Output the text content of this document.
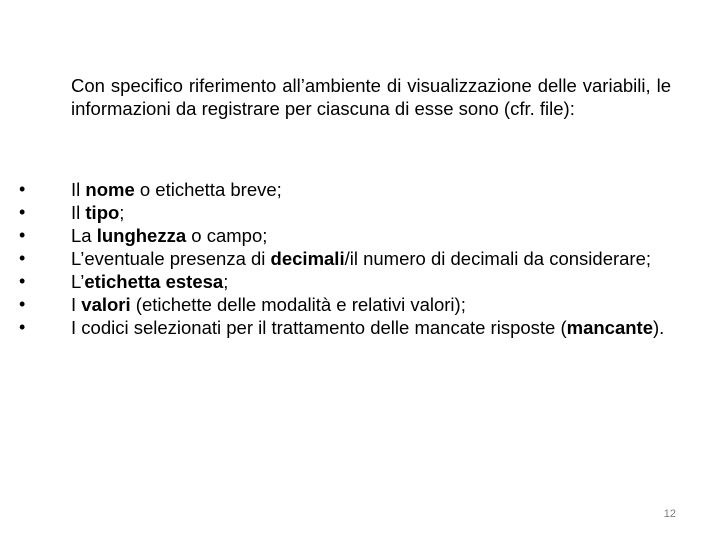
Con specifico riferimento all’ambiente di visualizzazione delle variabili, le informazioni da registrare per ciascuna di esse sono (cfr. file):

• Il nome o etichetta breve;
• Il tipo;
• La lunghezza o campo;
• L’eventuale presenza di decimali/il numero di decimali da considerare;
• L’etichetta estesa;
• I valori (etichette delle modalità e relativi valori);
• I codici selezionati per il trattamento delle mancate risposte (mancante).
12
